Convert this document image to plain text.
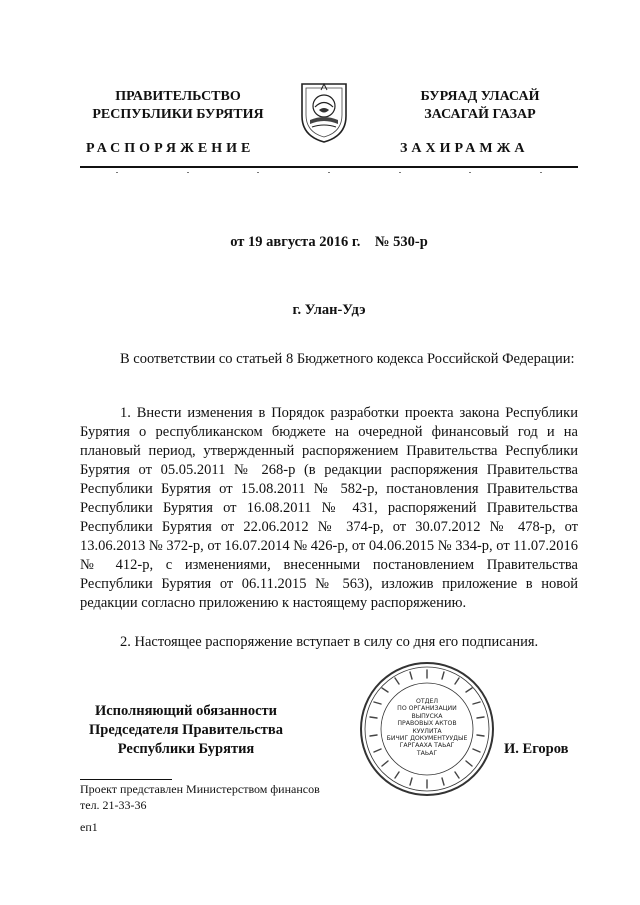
ПРАВИТЕЛЬСТВО
РЕСПУБЛИКИ БУРЯТИЯ
БУРЯАД УЛАСАЙ
ЗАСАГАЙ ГАЗАР
РАСПОРЯЖЕНИЕ	ЗАХИРАМЖА
от 19 августа 2016 г.    № 530-р
г. Улан-Удэ
В соответствии со статьей 8 Бюджетного кодекса Российской Федерации:
1. Внести изменения в Порядок разработки проекта закона Республики Бурятия о республиканском бюджете на очередной финансовый год и на плановый период, утвержденный распоряжением Правительства Республики Бурятия от 05.05.2011 № 268-р (в редакции распоряжения Правительства Республики Бурятия от 15.08.2011 № 582-р, постановления Правительства Республики Бурятия от 16.08.2011 № 431, распоряжений Правительства Республики Бурятия от 22.06.2012 № 374-р, от 30.07.2012 № 478-р, от 13.06.2013 № 372-р, от 16.07.2014 № 426-р, от 04.06.2015 № 334-р, от 11.07.2016 № 412-р, с изменениями, внесенными постановлением Правительства Республики Бурятия от 06.11.2015 № 563), изложив приложение в новой редакции согласно приложению к настоящему распоряжению.
2. Настоящее распоряжение вступает в силу со дня его подписания.
Исполняющий обязанности
Председателя Правительства
Республики Бурятия	И. Егоров
ОТДЕЛ
ПО ОРГАНИЗАЦИИ
ВЫПУСКА
ПРАВОВЫХ АКТОВ
КУУЛИТА
БИЧИГ ДОКУМЕНТУУДЫЕ
ГАРГААХА ТАЬАГ
ТАЬАГ
Проект представлен Министерством финансов
тел. 21-33-36
еп1
